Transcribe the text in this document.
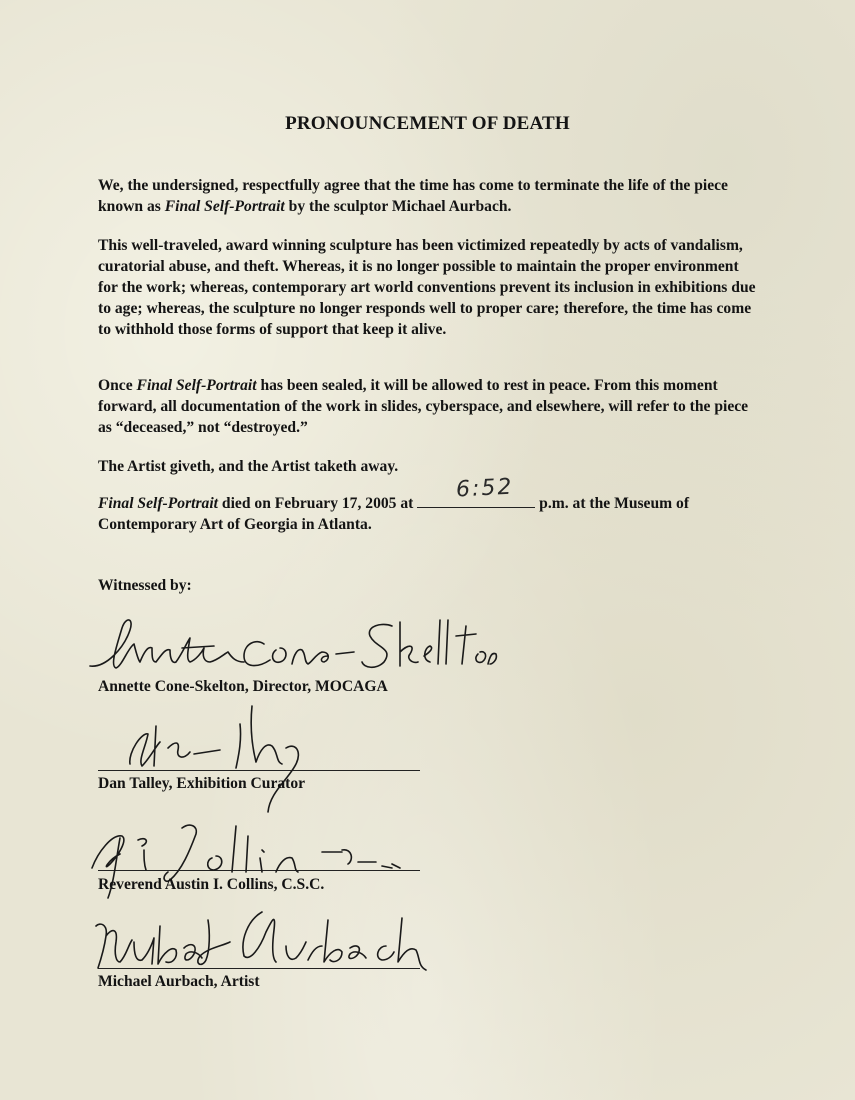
PRONOUNCEMENT OF DEATH

We, the undersigned, respectfully agree that the time has come to terminate the life of the piece known as Final Self-Portrait by the sculptor Michael Aurbach.

This well-traveled, award winning sculpture has been victimized repeatedly by acts of vandalism, curatorial abuse, and theft. Whereas, it is no longer possible to maintain the proper environment for the work; whereas, contemporary art world conventions prevent its inclusion in exhibitions due to age; whereas, the sculpture no longer responds well to proper care; therefore, the time has come to withhold those forms of support that keep it alive.

Once Final Self-Portrait has been sealed, it will be allowed to rest in peace. From this moment forward, all documentation of the work in slides, cyberspace, and elsewhere, will refer to the piece as “deceased,” not “destroyed.”

The Artist giveth, and the Artist taketh away.

Final Self-Portrait died on February 17, 2005 at	p.m. at the Museum of Contemporary Art of Georgia in Atlanta.

6:52
Witnessed by:
Annette Cone-Skelton, Director, MOCAGA
Dan Talley, Exhibition Curator
Reverend Austin I. Collins, C.S.C.
Michael Aurbach, Artist
